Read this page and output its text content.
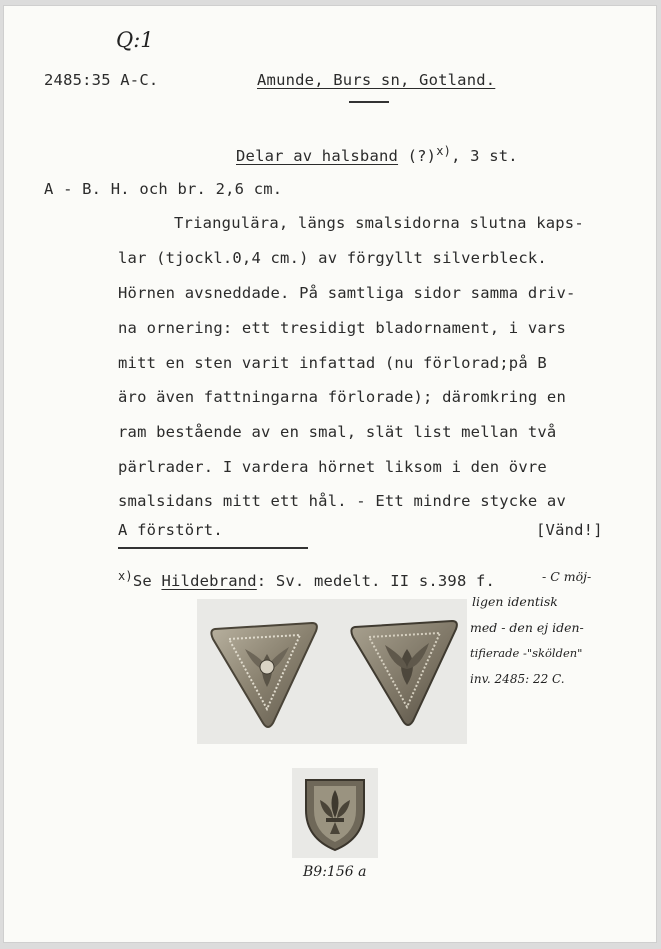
Q:1
2485:35 A-C.	Amunde, Burs sn, Gotland.
Delar av halsband (?)$^{x)}$, 3 st.
A - B. H. och br. 2,6 cm.
Triangulära, längs smalsidorna slutna kaps-
lar (tjockl.0,4 cm.) av förgyllt silverbleck.
Hörnen avsneddade. På samtliga sidor samma driv-
na ornering: ett tresidigt bladornament, i vars
mitt en sten varit infattad (nu förlorad;på B
äro även fattningarna förlorade); däromkring en
ram bestående av en smal, slät list mellan två
pärlrader. I vardera hörnet liksom i den övre
smalsidans mitt ett hål. - Ett mindre stycke av
A förstört.	[Vänd!]
$^{x)}$Se Hildebrand: Sv. medelt. II s.398 f.	- C möj-
ligen identisk
med - den ej iden-
tifierade -"skölden"
inv. 2485: 22 C.
B9:156 a
